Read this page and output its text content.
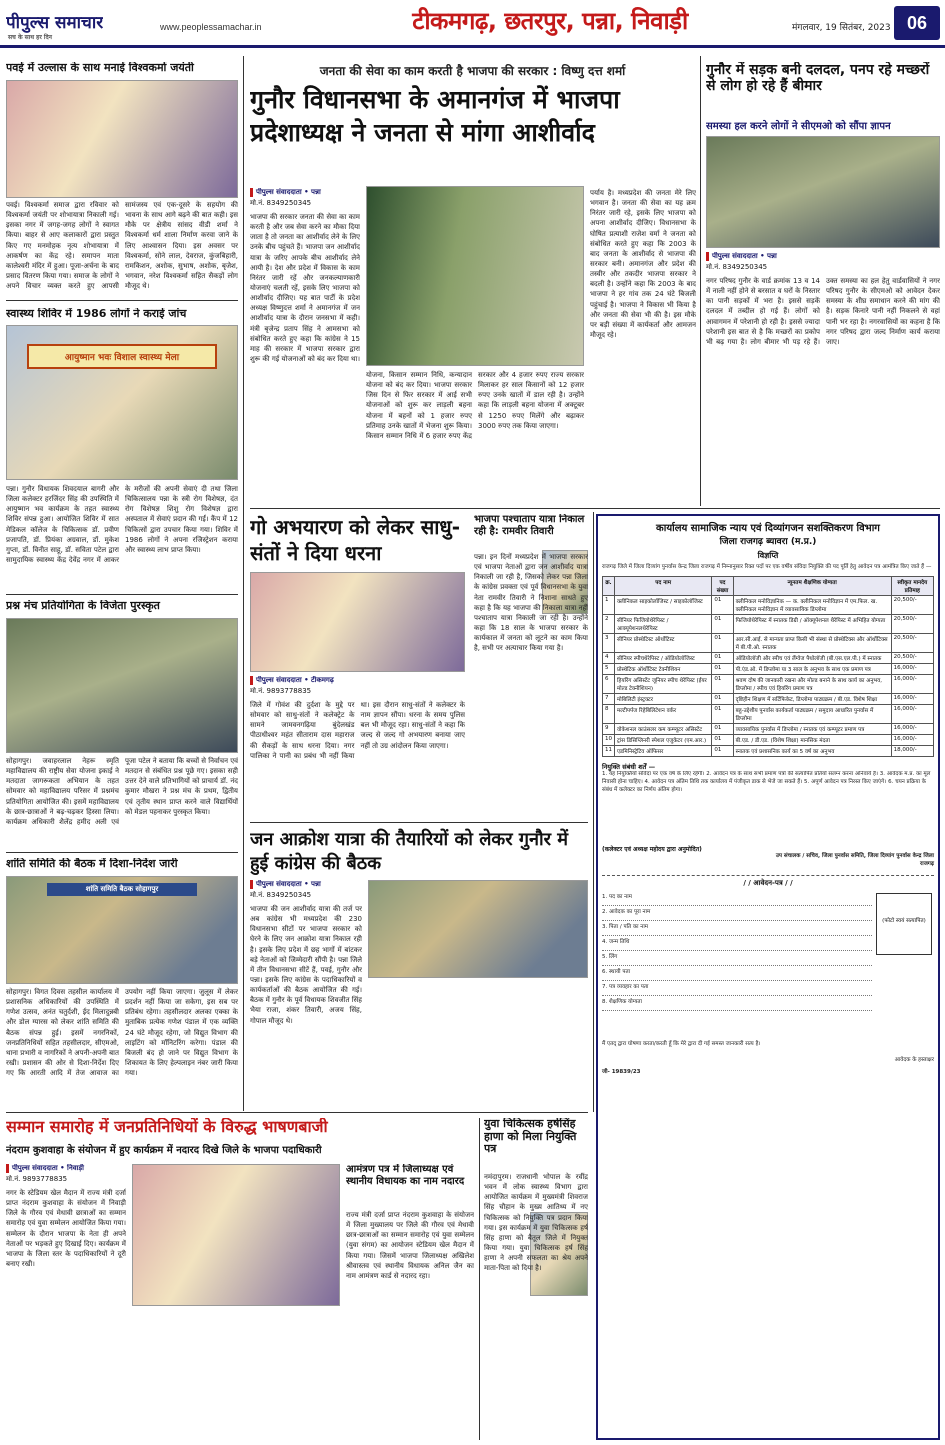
पीपुल्स समाचार
सच के साथ हर दिन
www.peoplessamachar.in	टीकमगढ़, छतरपुर, पन्ना, निवाड़ी	मंगलवार, 19 सितंबर, 2023 06
पवई में उल्लास के साथ मनाई विश्वकर्मा जयंती
पवई। विश्वकर्मा समाज द्वारा रविवार को विश्वकर्मा जयंती पर शोभायात्रा निकाली गई। इसका नगर में जगह-जगह लोगों ने स्वागत किया। बाहर से आए कलाकारों द्वारा प्रस्तुत किए गए मनमोहक नृत्य शोभायात्रा में आकर्षण का केंद्र रहे। समापन माता कालेश्वरी मंदिर में हुआ। पूजा-अर्चना के बाद प्रसाद वितरण किया गया। समाज के लोगों ने अपने विचार व्यक्त करते हुए आपसी सामंजस्य एवं एक-दूसरे के सहयोग की भावना के साथ आगे बढ़ने की बात कही। इस मौके पर क्षेत्रीय सांसद वीडी शर्मा ने विश्वकर्मा धर्म शाला निर्माण करवा जाने के लिए आश्वासन दिया। इस अवसर पर विश्वकर्मा, सोने लाल, देवराज, कुंजबिहारी, रामकिशन, अशोक, सुभाष, अशोक, बृजेश, भगवान, नरेश विश्वकर्मा सहित सैकड़ों लोग मौजूद थे।
स्वास्थ्य शिविर में 1986 लोगों ने कराई जांच
आयुष्मान भवः विशाल स्वास्थ्य मेला
पन्ना। गुनौर विधायक शिवदयाल बागरी और जिला कलेक्टर हरजिंदर सिंह की उपस्थिति में आयुष्मान भव कार्यक्रम के तहत स्वास्थ्य शिविर संपन्न हुआ। आयोजित शिविर में सात मेडिकल कॉलेज के चिकित्सक डॉ. प्रवीण प्रजापति, डॉ. प्रियंका अग्रवाल, डॉ. मुकेश गुप्ता, डॉ. विनीत साहू, डॉ. सविता पटेल द्वारा सामुदायिक स्वास्थ्य केंद्र देवेंद्र नगर में आकर के मरीजों की अपनी सेवाएं दी तथा जिला चिकित्सालय पन्ना के स्त्री रोग विशेषज्ञ, दंत रोग विशेषज्ञ शिशु रोग विशेषज्ञ द्वारा अस्पताल में सेवाएं प्रदान की गईं। कैंप में 12 चिकित्सों द्वारा उपचार किया गया। शिविर में 1986 लोगों ने अपना रजिस्ट्रेशन कराया और स्वास्थ्य लाभ प्राप्त किया।
प्रश्न मंच प्रतियोगिता के विजेता पुरस्कृत
सोहागपुर। जवाहरलाल नेहरू स्मृति महाविद्यालय की राष्ट्रीय सेवा योजना इकाई ने मतदाता जागरूकता अभियान के तहत सोमवार को महाविद्यालय परिसर में प्रश्नमंच प्रतियोगिता आयोजित की। इसमें महाविद्यालय के छात्र-छात्राओं ने बढ़-चढ़कर हिस्सा लिया। कार्यक्रम अधिकारी शैलेंद्र हमीद अली एवं पूजा पटेल ने बताया कि बच्चों से निर्वाचन एवं मतदान से संबंधित प्रश्न पूछे गए। इसका सही उत्तर देने वाले प्रतिभागियों को प्राचार्य डॉ. नंद कुमार मौखरा ने प्रश्न मंच के प्रथम, द्वितीय एवं तृतीय स्थान प्राप्त करने वाले विद्यार्थियों को मेडल पहनाकर पुरस्कृत किया।
शांति समिति की बैठक में दिशा-निर्देश जारी
शांति समिति बैठक सोहागपुर
सोहागपुर। विगत दिवस तहसील कार्यालय में प्रशासनिक अधिकारियों की उपस्थिति में गणेश उत्सव, अनंत चतुर्दशी, ईद मिलादुन्नबी और डोल ग्यारस को लेकर शांति समिति की बैठक संपन्न हुई। इसमें नगरनिकों, जनप्रतिनिधियों सहित तहसीलदार, सीएमओ, थाना प्रभारी व नागरिकों ने अपनी-अपनी बात रखी। प्रशासन की ओर से दिशा-निर्देश दिए गए कि आरती आदि में तेज आवाज का उपयोग नहीं किया जाएगा। जुलूस में लेकर प्रदर्शन नहीं किया जा सकेगा, इस सब पर प्रतिबंध रहेगा। तहसीलदार अलका एक्का के मुताबिक प्रत्येक गणेश पंडाल में एक व्यक्ति 24 घंटे मौजूद रहेगा, जो विद्युत विभाग की लाइटिंग को मॉनिटरिंग करेगा। पंडाल की बिजली बंद हो जाने पर विद्युत विभाग के शिकायत के लिए हेल्पलाइन नंबर जारी किया गया।
जनता की सेवा का काम करती है भाजपा की सरकार : विष्णु दत्त शर्मा
गुनौर विधानसभा के अमानगंज में भाजपा प्रदेशाध्यक्ष ने जनता से मांगा आशीर्वाद
पीपुल्स संवाददाता • पन्ना
मो.नं. 8349250345
भाजपा की सरकार जनता की सेवा का काम करती है और जब सेवा करने का मौका दिया जाता है तो जनता का आशीर्वाद लेने के लिए उनके बीच पहुंचते हैं। भाजपा जन आशीर्वाद यात्रा के जरिए आपके बीच आशीर्वाद लेने आयी है। देश और प्रदेश में विकास के काम निरंतर जारी रहें और जनकल्याणकारी योजनाएं चलती रहें, इसके लिए भाजपा को आशीर्वाद दीजिए। यह बात पार्टी के प्रदेश अध्यक्ष विष्णुदत्त शर्मा ने अमानगंज में जन आशीर्वाद यात्रा के दौरान जनसभा में कही। मंत्री बृजेन्द्र प्रताप सिंह ने आमसभा को संबोधित करते हुए कहा कि कांग्रेस ने 15 माह की सरकार में भाजपा सरकार द्वारा शुरू की गई योजनाओं को बंद कर दिया था।
योजना, किसान सम्मान निधि, कन्यादान योजना को बंद कर दिया। भाजपा सरकार जिस दिन से फिर सरकार में आई सभी योजनाओं को शुरू कर लाड़ली बहना योजना में बहनों को 1 हजार रुपए प्रतिमाह उनके खातों में भेजना शुरू किया। किसान सम्मान निधि में 6 हजार रुपए केंद्र सरकार और 4 हजार रुपए राज्य सरकार मिलाकर हर साल किसानों को 12 हजार रुपए उनके खातों में डाल रही है। उन्होंने कहा कि लाड़ली बहना योजना में अक्टूबर से 1250 रुपए मिलेंगे और बढ़ाकर 3000 रुपए तक किया जाएगा।
पर्याय है। मध्यप्रदेश की जनता मेरे लिए भगवान है। जनता की सेवा का यह क्रम निरंतर जारी रहे, इसके लिए भाजपा को अपना आशीर्वाद दीजिए। विधानसभा के घोषित प्रत्याशी राजेश वर्मा ने जनता को संबोधित करते हुए कहा कि 2003 के बाद जनता के आशीर्वाद से भाजपा की सरकार बनी। अमानगंज और प्रदेश की तस्वीर और तकदीर भाजपा सरकार ने बदली है। उन्होंने कहा कि 2003 के बाद भाजपा ने हर गांव तक 24 घंटे बिजली पहुंचाई है। भाजपा ने विकास भी किया है और जनता की सेवा भी की है। इस मौके पर बड़ी संख्या में कार्यकर्ता और आमजन मौजूद रहे।
गुनौर में सड़क बनी दलदल, पनप रहे मच्छरों से लोग हो रहे हैं बीमार
समस्या हल करने लोगों ने सीएमओ को सौंपा ज्ञापन
पीपुल्स संवाददाता • पन्ना
मो.नं. 8349250345
नगर परिषद गुनौर के वार्ड क्रमांक 13 व 14 में नाली नहीं होने से बरसात व घरों के निस्तार का पानी सड़कों में भरा है। इससे सड़कें दलदल में तब्दील हो गई हैं। लोगों को आवागमन में परेशानी हो रही है। इससे ज्यादा परेशानी इस बात से है कि मच्छरों का प्रकोप भी बढ़ गया है। लोग बीमार भी पड़ रहे हैं। उक्त समस्या का हल हेतु वार्डवासियों ने नगर परिषद गुनौर के सीएमओ को आवेदन देकर समस्या के शीघ्र समाधान करने की मांग की है। सड़क किनारे पानी नहीं निकलने से वहां पानी भर रहा है। नगरवासियों का कहना है कि नगर परिषद द्वारा जल्द निर्माण कार्य कराया जाए।
गो अभयारण को लेकर साधु-संतों ने दिया धरना
पीपुल्स संवाददाता • टीकमगढ़
मो.नं. 9893778835
जिले में गोवंश की दुर्दशा के मुद्दे पर सोमवार को साधु-संतों ने कलेक्ट्रेट के सामने जामवनगढ़िया बुंदेलखंड पीठाधीश्वर महंत सीताराम दास महाराज की सैकड़ों के साथ धरना दिया। नगर पालिका ने पानी का प्रबंध भी नहीं किया था। इस दौरान साधु-संतों ने कलेक्टर के नाम ज्ञापन सौंपा। धरना के समय पुलिस बल भी मौजूद रहा। साधु-संतों ने कहा कि जल्द से जल्द गो अभयारण बनाया जाए नहीं तो उग्र आंदोलन किया जाएगा।
भाजपा पश्चाताप यात्रा निकाल रही है: रामवीर तिवारी
पन्ना। इन दिनों मध्यप्रदेश में भाजपा सरकार एवं भाजपा नेताओं द्वारा जन आशीर्वाद यात्रा निकाली जा रही है, जिसको लेकर पन्ना जिला के कांग्रेस प्रवक्ता एवं पूर्व विधानसभा के युवा नेता रामवीर तिवारी ने निशाना साधते हुए कहा है कि यह भाजपा की निकाला यात्रा नहीं पश्चाताप यात्रा निकाली जा रही है। उन्होंने कहा कि 18 साल के भाजपा सरकार के कार्यकाल में जनता को लूटने का काम किया है, सभी पर अत्याचार किया गया है।
जन आक्रोश यात्रा की तैयारियों को लेकर गुनौर में हुई कांग्रेस की बैठक
पीपुल्स संवाददाता • पन्ना
मो.नं. 8349250345
भाजपा की जन आशीर्वाद यात्रा की तर्ज पर अब कांग्रेस भी मध्यप्रदेश की 230 विधानसभा सीटों पर भाजपा सरकार को घेरने के लिए जन आक्रोश यात्रा निकाल रही है। इसके लिए प्रदेश में छह भागों में बांटकर बड़े नेताओं को जिम्मेदारी सौंपी है। पन्ना जिले में तीन विधानसभा सीटें हैं, पवई, गुनौर और पन्ना। इसके लिए कांग्रेस के पदाधिकारियों व कार्यकर्ताओं की बैठक आयोजित की गई। बैठक में गुनौर के पूर्व विधायक शिवजीत सिंह भैया राजा, शंकर तिवारी, अजय सिंह, गोपाल मौजूद थे।
सम्मान समारोह में जनप्रतिनिधियों के विरुद्ध भाषणबाजी
नंदराम कुशवाहा के संयोजन में हुए कार्यक्रम में नदारद दिखे जिले के भाजपा पदाधिकारी
पीपुल्स संवाददाता • निवाड़ी
मो.नं. 9893778835
नगर के स्टेडियम खेल मैदान में राज्य मंत्री दर्जा प्राप्त नंदराम कुशवाहा के संयोजन में निवाड़ी जिले के गौरव एवं मेधावी छात्राओं का सम्मान समारोह एवं युवा सम्मेलन आयोजित किया गया। सम्मेलन के दौरान भाजपा के नेता ही अपने नेताओं पर भड़कते हुए दिखाई दिए। कार्यक्रम में भाजपा के जिला स्तर के पदाधिकारियों ने दूरी बनाए रखी।
आमंत्रण पत्र में जिलाध्यक्ष एवं स्थानीय विधायक का नाम नदारद
राज्य मंत्री दर्जा प्राप्त नंदराम कुशवाहा के संयोजन में जिला मुख्यालय पर जिले की गौरव एवं मेधावी छात्र-छात्राओं का सम्मान समारोह एवं युवा सम्मेलन (युवा संगम) का आयोजन स्टेडियम खेल मैदान में किया गया। जिसमें भाजपा जिलाध्यक्ष अखिलेश श्रीवास्तव एवं स्थानीय विधायक अनिल जैन का नाम आमंत्रण कार्ड से नदारद रहा।
युवा चिकित्सक हर्षसिंह हाणा को मिला नियुक्ति पत्र
नमंदापुरम। राजधानी भोपाल के रवींद्र भवन में लोक स्वास्थ्य विभाग द्वारा आयोजित कार्यक्रम में मुख्यमंत्री शिवराज सिंह चौहान के मुख्य आतिथ्य में नए चिकित्सक को नियुक्ति पत्र प्रदान किया गया। इस कार्यक्रम में युवा चिकित्सक हर्ष सिंह हाणा को बैतूल जिले में नियुक्त किया गया। युवा चिकित्सक हर्ष सिंह हाणा ने अपनी सफलता का श्रेय अपने माता-पिता को दिया है।
कार्यालय सामाजिक न्याय एवं दिव्यांगजन सशक्तिकरण विभाग
जिला राजगढ़ ब्यावरा (म.प्र.)
विज्ञप्ति
राजगढ़ जिले में जिला दिव्यांग पुनर्वास केन्द्र जिला राजगढ़ में निम्नानुसार रिक्त पदों पर एक वर्षीय संविदा नियुक्ति की पद पूर्ति हेतु आवेदन पत्र आमंत्रित किए जाते हैं —
क्र.	पद नाम	पद संख्या	न्यूनतम शैक्षणिक योग्यता	स्वीकृत मानदेय प्रतिमाह
1	क्लीनिकल साइकोलॉजिस्ट / साइकोलॉजिस्ट	01	क्लीनिकल मनोविज्ञानिक — क. क्लीनिकल मनोविज्ञान में एम.फिल. ख. क्लीनिकल मनोविज्ञान में व्यावसायिक डिप्लोमा	20,500/-
2	सीनियर फिजियोथेरेपिस्ट / आक्यूपेशनलथेरेपिस्ट	01	फिजियोथेरेपिस्ट में स्नातक डिग्री / ऑक्यूपेशनल थैरेपिस्ट में अभिहित योग्यता	20,500/-
3	सीनियर प्रोस्थेटिस्ट ऑर्थोटिस्ट	01	आर.सी.आई. से मान्यता प्राप्त किसी भी संस्था से प्रोस्थेटिक्स और ऑर्थोटिक्स में बी.पी.ओ. स्नातक	20,500/-
4	सीनियर स्पीचथेरेपिस्ट / ऑडियोलॉजिस्ट	01	ऑडियोलॉजी और स्पीच एवं लैंग्वेज पैथोलॉजी (बी.एस.एल.पी.) में स्नातक	20,500/-
5	प्रोस्थेटिक ऑर्थोटिस्ट टेक्नीशियन	01	पी.एंड.ओ. में डिप्लोमा या 3 साल के अनुभव के साथ एक प्रमाण पत्र	16,000/-
6	हियरिंग असिस्टेंट जूनियर स्पीच थेरेपिस्ट (ईयर मोल्ड टेक्नीशियन)	01	श्रवण दोष की जानकारी रखना और मोल्ड बनाने के साथ कार्य का अनुभव, डिप्लोमा / स्पीच एवं हियरिंग प्रमाण पत्र	16,000/-
7	मोबिलिटी इंस्ट्रक्टर	01	दृष्टिहीन शिक्षण में सर्टिफिकेट, डिप्लोमा पाठ्यक्रम / बी.एड. विशेष शिक्षा	16,000/-
8	मल्टीपर्पज रिहेबिलिटेशन वर्कर	01	बहु-उद्देशीय पुनर्वास कार्यकर्ता पाठ्यक्रम / समुदाय आधारित पुनर्वास में डिप्लोमा	16,000/-
9	वोकेशनल काउंसलर कम कम्प्यूटर असिस्टेंट	01	व्यावसायिक पुनर्वास में डिप्लोमा / स्नातक एवं कम्प्यूटर प्रमाण पत्र	16,000/-
10	ट्रांस डिसिप्लिनरी स्पेशल एजुकेटर (एम.आर.)	01	बी.एड. / डी.एड. (विशेष शिक्षा) मानसिक मंदता	16,000/-
11	एडमिनिस्ट्रेटिव ऑफिसर	01	स्नातक एवं प्रशासनिक कार्य का 5 वर्ष का अनुभव	18,000/-
नियुक्ति संबंधी शर्तें —
1. यह नियुक्तियाँ संविदा पर एक वर्ष के लिए रहेंगी। 2. आवेदन पत्र के साथ सभी प्रमाण पत्रों की सत्यापित प्रतियाँ संलग्न करना अनिवार्य है। 3. आवेदक म.प्र. का मूल निवासी होना चाहिए। 4. आवेदन पत्र अंतिम तिथि तक कार्यालय में पंजीकृत डाक से भेजे जा सकते हैं। 5. अपूर्ण आवेदन पत्र निरस्त किए जाएंगे। 6. चयन प्रक्रिया के संबंध में कलेक्टर का निर्णय अंतिम होगा।
(कलेक्टर एवं अध्यक्ष महोदय द्वारा अनुमोदित)
उप संचालक / सचिव, जिला पुनर्वास समिति, जिला दिव्यांग पुनर्वास केन्द्र जिला राजगढ़
/ / आवेदन-पत्र / /
(फोटो स्वयं सत्यापित)
1. पद का नाम
2. आवेदक का पूरा नाम
3. पिता / पति का नाम
4. जन्म तिथि
5. लिंग
6. स्थायी पता
7. पत्र व्यवहार का पता
8. शैक्षणिक योग्यता
मैं एतद् द्वारा घोषणा करता/करती हूँ कि मेरे द्वारा दी गई समस्त जानकारी सत्य है।
आवेदक के हस्ताक्षर
जी- 19839/23
